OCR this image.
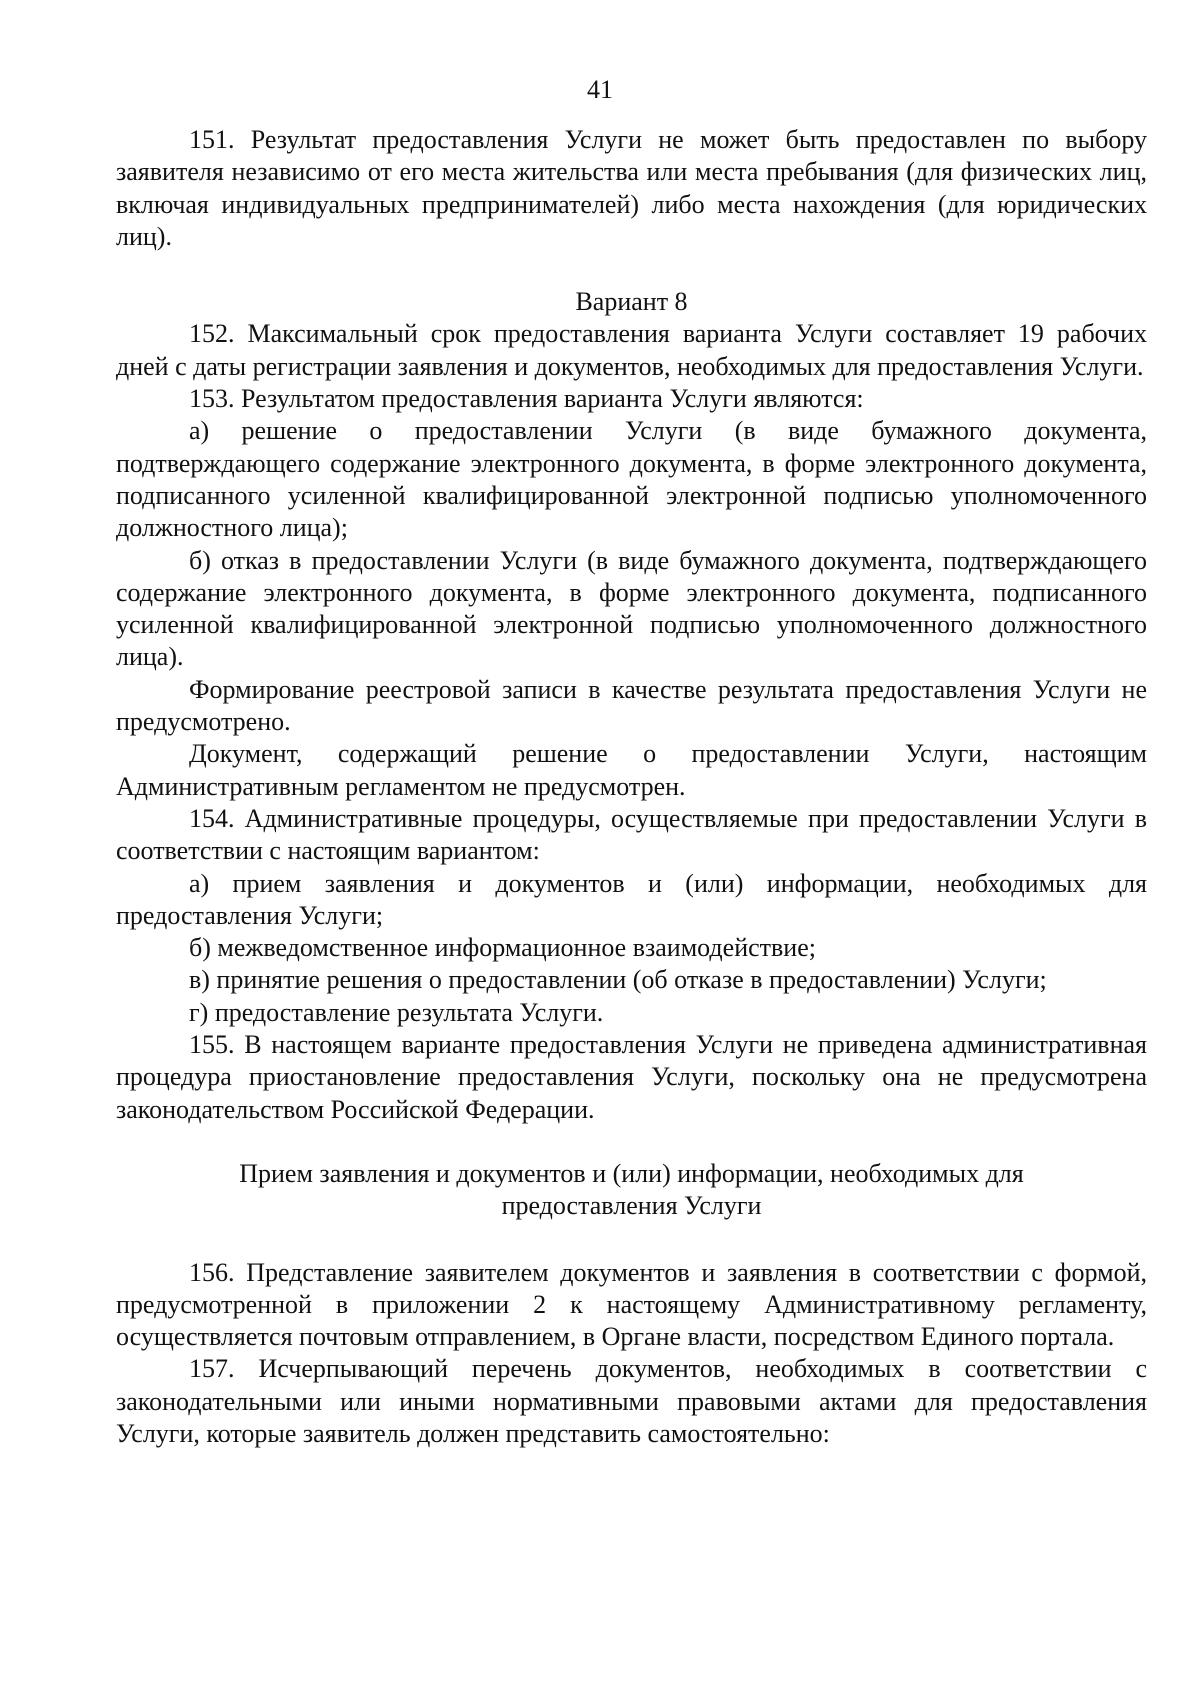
41

151. Результат предоставления Услуги не может быть предоставлен по выбору заявителя независимо от его места жительства или места пребывания (для физических лиц, включая индивидуальных предпринимателей) либо места нахождения (для юридических лиц).

Вариант 8

152. Максимальный срок предоставления варианта Услуги составляет 19 рабочих дней с даты регистрации заявления и документов, необходимых для предоставления Услуги.

153. Результатом предоставления варианта Услуги являются:

а) решение о предоставлении Услуги (в виде бумажного документа, подтверждающего содержание электронного документа, в форме электронного документа, подписанного усиленной квалифицированной электронной подписью уполномоченного должностного лица);

б) отказ в предоставлении Услуги (в виде бумажного документа, подтверждающего содержание электронного документа, в форме электронного документа, подписанного усиленной квалифицированной электронной подписью уполномоченного должностного лица).

Формирование реестровой записи в качестве результата предоставления Услуги не предусмотрено.

Документ, содержащий решение о предоставлении Услуги, настоящим Административным регламентом не предусмотрен.

154. Административные процедуры, осуществляемые при предоставлении Услуги в соответствии с настоящим вариантом:

а) прием заявления и документов и (или) информации, необходимых для предоставления Услуги;

б) межведомственное информационное взаимодействие;

в) принятие решения о предоставлении (об отказе в предоставлении) Услуги;

г) предоставление результата Услуги.

155. В настоящем варианте предоставления Услуги не приведена административная процедура приостановление предоставления Услуги, поскольку она не предусмотрена законодательством Российской Федерации.

Прием заявления и документов и (или) информации, необходимых для

предоставления Услуги

156. Представление заявителем документов и заявления в соответствии с формой, предусмотренной в приложении 2 к настоящему Административному регламенту, осуществляется почтовым отправлением, в Органе власти, посредством Единого портала.

157. Исчерпывающий перечень документов, необходимых в соответствии с законодательными или иными нормативными правовыми актами для предоставления Услуги, которые заявитель должен представить самостоятельно:
